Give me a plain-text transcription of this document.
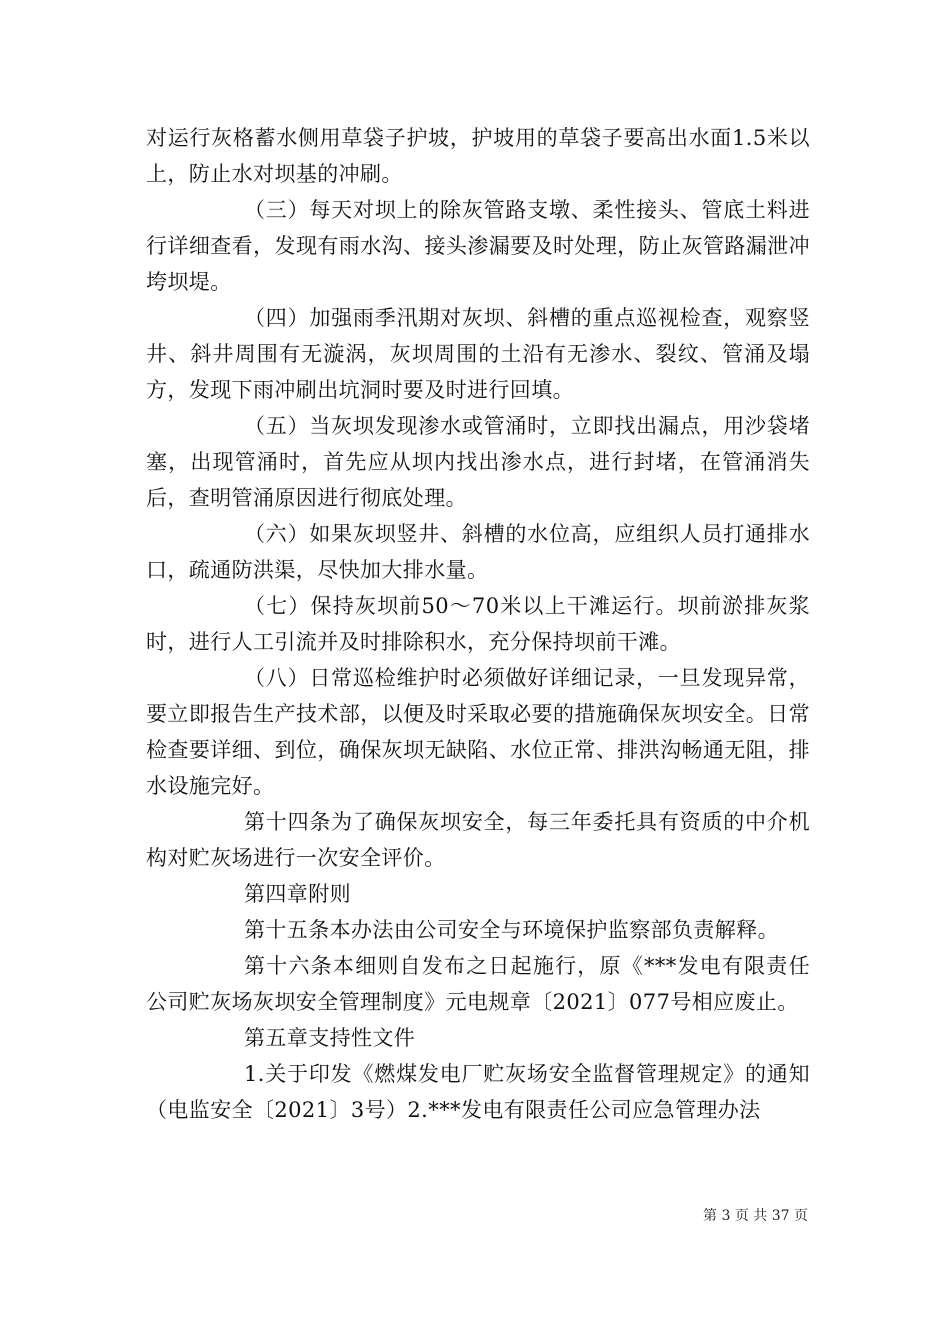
对运行灰格蓄水侧用草袋子护坡，护坡用的草袋子要高出水面1.5米以上，防止水对坝基的冲刷。

（三）每天对坝上的除灰管路支墩、柔性接头、管底土料进行详细查看，发现有雨水沟、接头渗漏要及时处理，防止灰管路漏泄冲垮坝堤。

（四）加强雨季汛期对灰坝、斜槽的重点巡视检查，观察竖井、斜井周围有无漩涡，灰坝周围的土沿有无渗水、裂纹、管涌及塌方，发现下雨冲刷出坑洞时要及时进行回填。

（五）当灰坝发现渗水或管涌时，立即找出漏点，用沙袋堵塞，出现管涌时，首先应从坝内找出渗水点，进行封堵，在管涌消失后，查明管涌原因进行彻底处理。

（六）如果灰坝竖井、斜槽的水位高，应组织人员打通排水口，疏通防洪渠，尽快加大排水量。

（七）保持灰坝前50～70米以上干滩运行。坝前淤排灰浆时，进行人工引流并及时排除积水，充分保持坝前干滩。

（八）日常巡检维护时必须做好详细记录，一旦发现异常，要立即报告生产技术部，以便及时采取必要的措施确保灰坝安全。日常检查要详细、到位，确保灰坝无缺陷、水位正常、排洪沟畅通无阻，排水设施完好。

第十四条为了确保灰坝安全，每三年委托具有资质的中介机构对贮灰场进行一次安全评价。

第四章附则

第十五条本办法由公司安全与环境保护监察部负责解释。

第十六条本细则自发布之日起施行，原《***发电有限责任公司贮灰场灰坝安全管理制度》元电规章〔2021〕077号相应废止。

第五章支持性文件

1.关于印发《燃煤发电厂贮灰场安全监督管理规定》的通知（电监安全〔2021〕3号）2.***发电有限责任公司应急管理办法

第 3 页 共 37 页
